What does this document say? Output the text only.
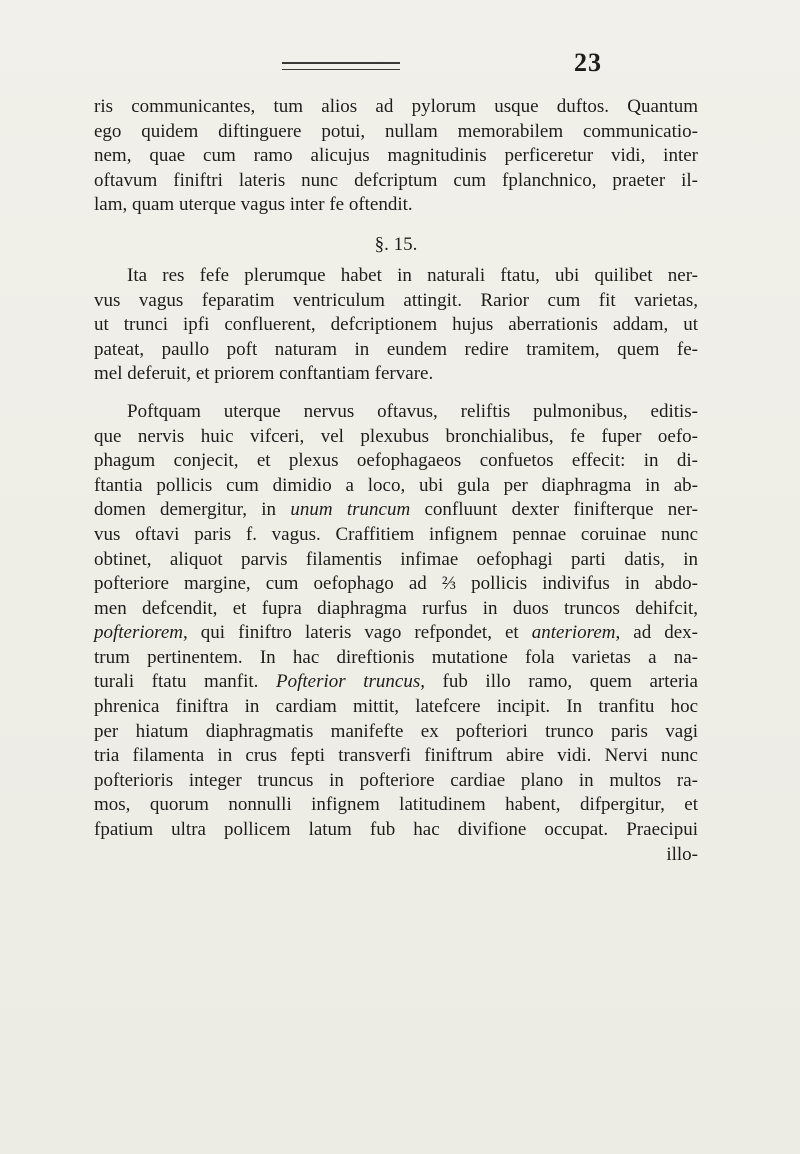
23
ris communicantes, tum alios ad pylorum usque duftos. Quantum
ego quidem diftinguere potui, nullam memorabilem communicatio-
nem, quae cum ramo alicujus magnitudinis perficeretur vidi, inter
oftavum finiftri lateris nunc defcriptum cum fplanchnico, praeter il-
lam, quam uterque vagus inter fe oftendit.
§. 15.
Ita res fefe plerumque habet in naturali ftatu, ubi quilibet ner-
vus vagus feparatim ventriculum attingit. Rarior cum fit varietas,
ut trunci ipfi confluerent, defcriptionem hujus aberrationis addam, ut
pateat, paullo poft naturam in eundem redire tramitem, quem fe-
mel deferuit, et priorem conftantiam fervare.
Poftquam uterque nervus oftavus, reliftis pulmonibus, editis-
que nervis huic vifceri, vel plexubus bronchialibus, fe fuper oefo-
phagum conjecit, et plexus oefophagaeos confuetos effecit: in di-
ftantia pollicis cum dimidio a loco, ubi gula per diaphragma in ab-
domen demergitur, in unum truncum confluunt dexter finifterque ner-
vus oftavi paris f. vagus. Craffitiem infignem pennae coruinae nunc
obtinet, aliquot parvis filamentis infimae oefophagi parti datis, in
pofteriore margine, cum oefophago ad ⅔ pollicis indivifus in abdo-
men defcendit, et fupra diaphragma rurfus in duos truncos dehifcit,
pofteriorem, qui finiftro lateris vago refpondet, et anteriorem, ad dex-
trum pertinentem. In hac direftionis mutatione fola varietas a na-
turali ftatu manfit. Pofterior truncus, fub illo ramo, quem arteria
phrenica finiftra in cardiam mittit, latefcere incipit. In tranfitu hoc
per hiatum diaphragmatis manifefte ex pofteriori trunco paris vagi
tria filamenta in crus fepti transverfi finiftrum abire vidi. Nervi nunc
pofterioris integer truncus in pofteriore cardiae plano in multos ra-
mos, quorum nonnulli infignem latitudinem habent, difpergitur, et
fpatium ultra pollicem latum fub hac divifione occupat. Praecipui
illo-
